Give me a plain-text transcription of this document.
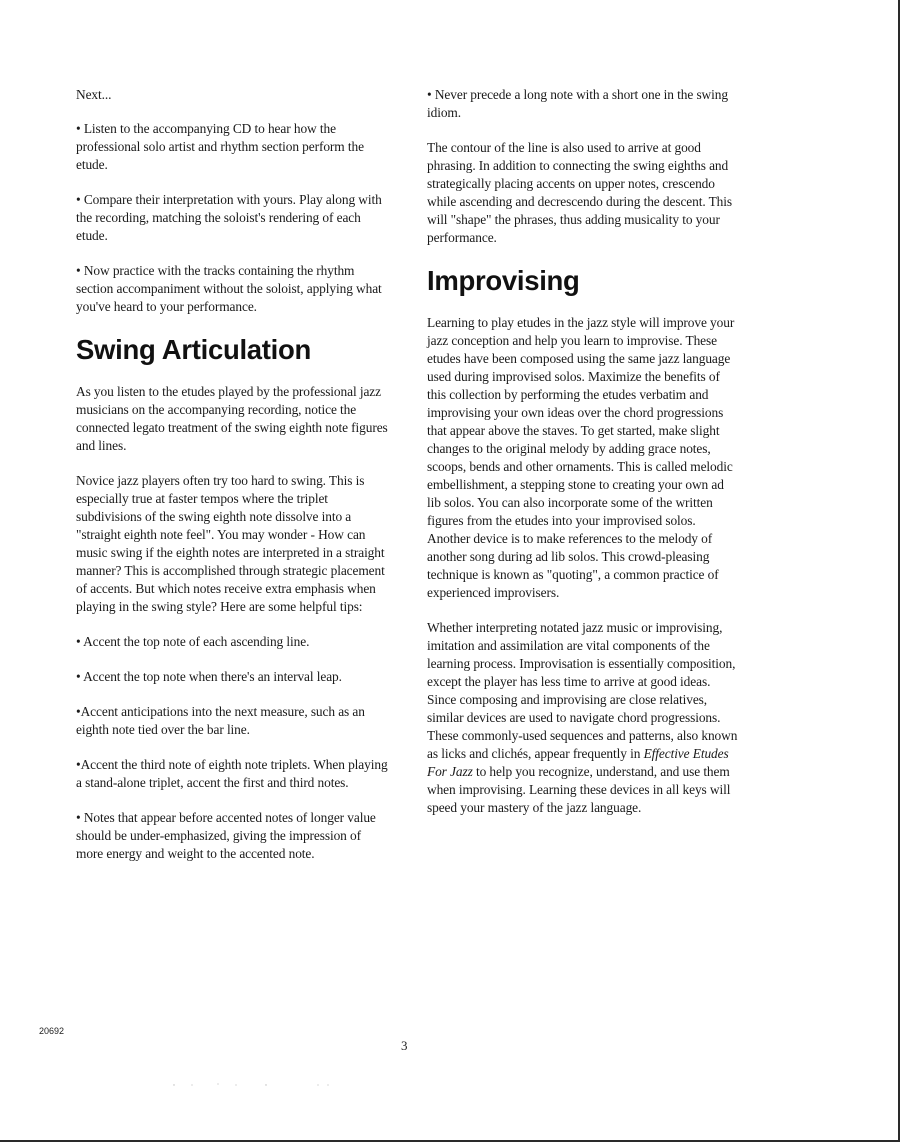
Next...

• Listen to the accompanying CD to hear how the professional solo artist and rhythm section perform the etude.

• Compare their interpretation with yours. Play along with the recording, matching the soloist's rendering of each etude.

• Now practice with the tracks containing the rhythm section accompaniment without the soloist, applying what you've heard to your performance.

Swing Articulation

As you listen to the etudes played by the professional jazz musicians on the accompanying recording, notice the connected legato treatment of the swing eighth note figures and lines.

Novice jazz players often try too hard to swing. This is especially true at faster tempos where the triplet subdivisions of the swing eighth note dissolve into a "straight eighth note feel". You may wonder - How can music swing if the eighth notes are interpreted in a straight manner? This is accomplished through strategic placement of accents. But which notes receive extra emphasis when playing in the swing style? Here are some helpful tips:

• Accent the top note of each ascending line.

• Accent the top note when there's an interval leap.

•Accent anticipations into the next measure, such as an eighth note tied over the bar line.

•Accent the third note of eighth note triplets. When playing a stand-alone triplet, accent the first and third notes.

• Notes that appear before accented notes of longer value should be under-emphasized, giving the impression of more energy and weight to the accented note.

• Never precede a long note with a short one in the swing idiom.

The contour of the line is also used to arrive at good phrasing. In addition to connecting the swing eighths and strategically placing accents on upper notes, crescendo while ascending and decrescendo during the descent. This will "shape" the phrases, thus adding musicality to your performance.

Improvising

Learning to play etudes in the jazz style will improve your jazz conception and help you learn to improvise. These etudes have been composed using the same jazz language used during improvised solos. Maximize the benefits of this collection by performing the etudes verbatim and improvising your own ideas over the chord progressions that appear above the staves. To get started, make slight changes to the original melody by adding grace notes, scoops, bends and other ornaments. This is called melodic embellishment, a stepping stone to creating your own ad lib solos. You can also incorporate some of the written figures from the etudes into your improvised solos. Another device is to make references to the melody of another song during ad lib solos. This crowd-pleasing technique is known as "quoting", a common practice of experienced improvisers.

Whether interpreting notated jazz music or improvising, imitation and assimilation are vital components of the learning process. Improvisation is essentially composition, except the player has less time to arrive at good ideas. Since composing and improvising are close relatives, similar devices are used to navigate chord progressions. These commonly-used sequences and patterns, also known as licks and clichés, appear frequently in Effective Etudes For Jazz to help you recognize, understand, and use them when improvising. Learning these devices in all keys will speed your mastery of the jazz language.

20692
3
